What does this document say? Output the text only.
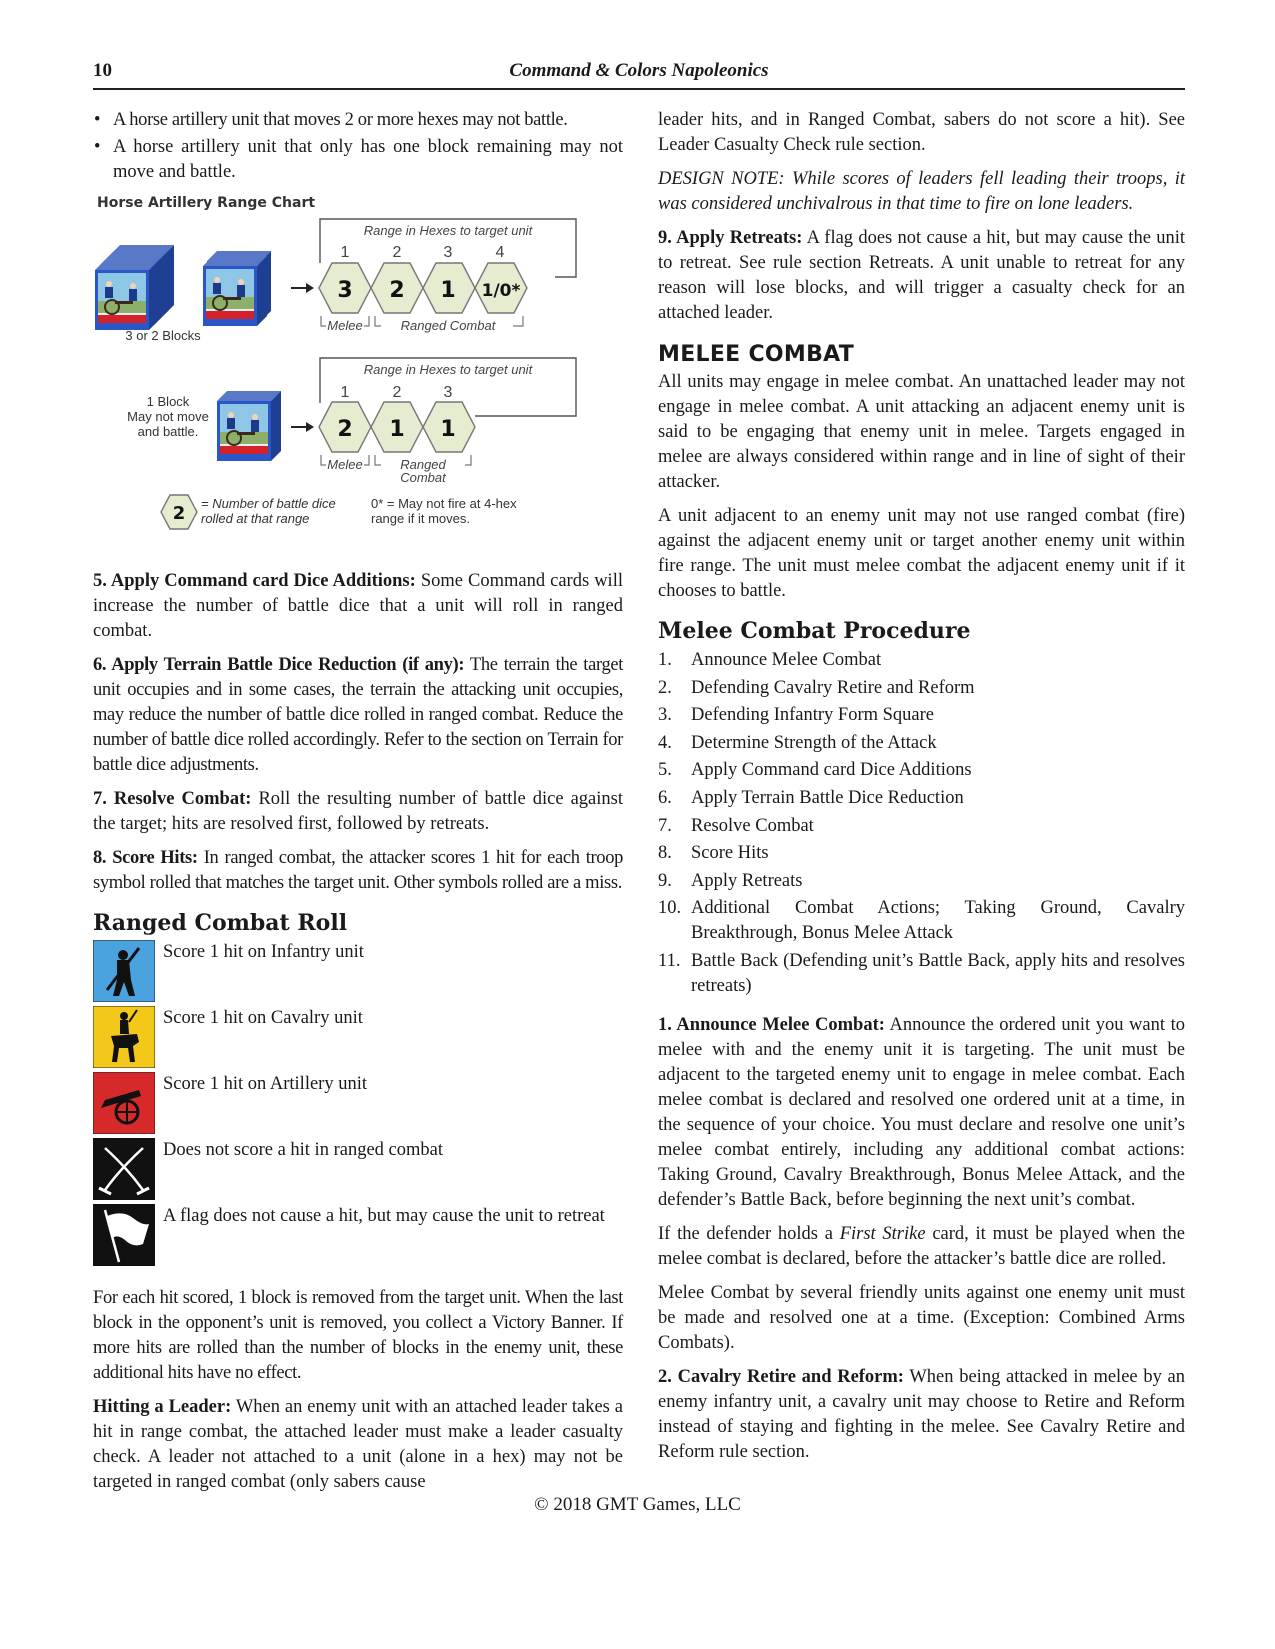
10	Command & Colors Napoleonics
• A horse artillery unit that moves 2 or more hexes may not battle.
• A horse artillery unit that only has one block remaining may not move and battle.
Horse Artillery Range Chart
3 or 2 Blocks
Range in Hexes to target unit
1	2	3	4
3 2 1 1/0*
Melee	Ranged Combat
1 Block
May not move
and battle.
Range in Hexes to target unit
1	2	3
2 1 1
Melee	Ranged
Combat
2 = Number of battle dice
rolled at that range
0* = May not fire at 4-hex
range if it moves.

5. Apply Command card Dice Additions: Some Command cards will increase the number of battle dice that a unit will roll in ranged combat.

6. Apply Terrain Battle Dice Reduction (if any): The terrain the target unit occupies and in some cases, the terrain the attacking unit occupies, may reduce the number of battle dice rolled in ranged combat. Reduce the number of battle dice rolled accordingly. Refer to the section on Terrain for battle dice adjustments.

7. Resolve Combat: Roll the resulting number of battle dice against the target; hits are resolved first, followed by retreats.

8. Score Hits: In ranged combat, the attacker scores 1 hit for each troop symbol rolled that matches the target unit. Other symbols rolled are a miss.

Ranged Combat Roll
Score 1 hit on Infantry unit
Score 1 hit on Cavalry unit
Score 1 hit on Artillery unit
Does not score a hit in ranged combat
A flag does not cause a hit, but may cause the unit to retreat

For each hit scored, 1 block is removed from the target unit. When the last block in the opponent’s unit is removed, you collect a Victory Banner. If more hits are rolled than the number of blocks in the enemy unit, these additional hits have no effect.

Hitting a Leader: When an enemy unit with an attached leader takes a hit in range combat, the attached leader must make a leader casualty check. A leader not attached to a unit (alone in a hex) may not be targeted in ranged combat (only sabers cause

leader hits, and in Ranged Combat, sabers do not score a hit). See Leader Casualty Check rule section.

DESIGN NOTE: While scores of leaders fell leading their troops, it was considered unchivalrous in that time to fire on lone leaders.

9. Apply Retreats: A flag does not cause a hit, but may cause the unit to retreat. See rule section Retreats. A unit unable to retreat for any reason will lose blocks, and will trigger a casualty check for an attached leader.

MELEE COMBAT

All units may engage in melee combat. An unattached leader may not engage in melee combat. A unit attacking an adjacent enemy unit is said to be engaging that enemy unit in melee. Targets engaged in melee are always considered within range and in line of sight of their attacker.

A unit adjacent to an enemy unit may not use ranged combat (fire) against the adjacent enemy unit or target another enemy unit within fire range. The unit must melee combat the adjacent enemy unit if it chooses to battle.

Melee Combat Procedure
1.	Announce Melee Combat
2.	Defending Cavalry Retire and Reform
3.	Defending Infantry Form Square
4.	Determine Strength of the Attack
5.	Apply Command card Dice Additions
6.	Apply Terrain Battle Dice Reduction
7.	Resolve Combat
8.	Score Hits
9.	Apply Retreats
10. Additional Combat Actions; Taking Ground, Cavalry Breakthrough, Bonus Melee Attack
11. Battle Back (Defending unit’s Battle Back, apply hits and resolves retreats)

1. Announce Melee Combat: Announce the ordered unit you want to melee with and the enemy unit it is targeting. The unit must be adjacent to the targeted enemy unit to engage in melee combat. Each melee combat is declared and resolved one ordered unit at a time, in the sequence of your choice. You must declare and resolve one unit’s melee combat entirely, including any additional combat actions: Taking Ground, Cavalry Breakthrough, Bonus Melee Attack, and the defender’s Battle Back, before beginning the next unit’s combat.

If the defender holds a First Strike card, it must be played when the melee combat is declared, before the attacker’s battle dice are rolled.

Melee Combat by several friendly units against one enemy unit must be made and resolved one at a time. (Exception: Combined Arms Combats).

2. Cavalry Retire and Reform: When being attacked in melee by an enemy infantry unit, a cavalry unit may choose to Retire and Reform instead of staying and fighting in the melee. See Cavalry Retire and Reform rule section.

© 2018 GMT Games, LLC
